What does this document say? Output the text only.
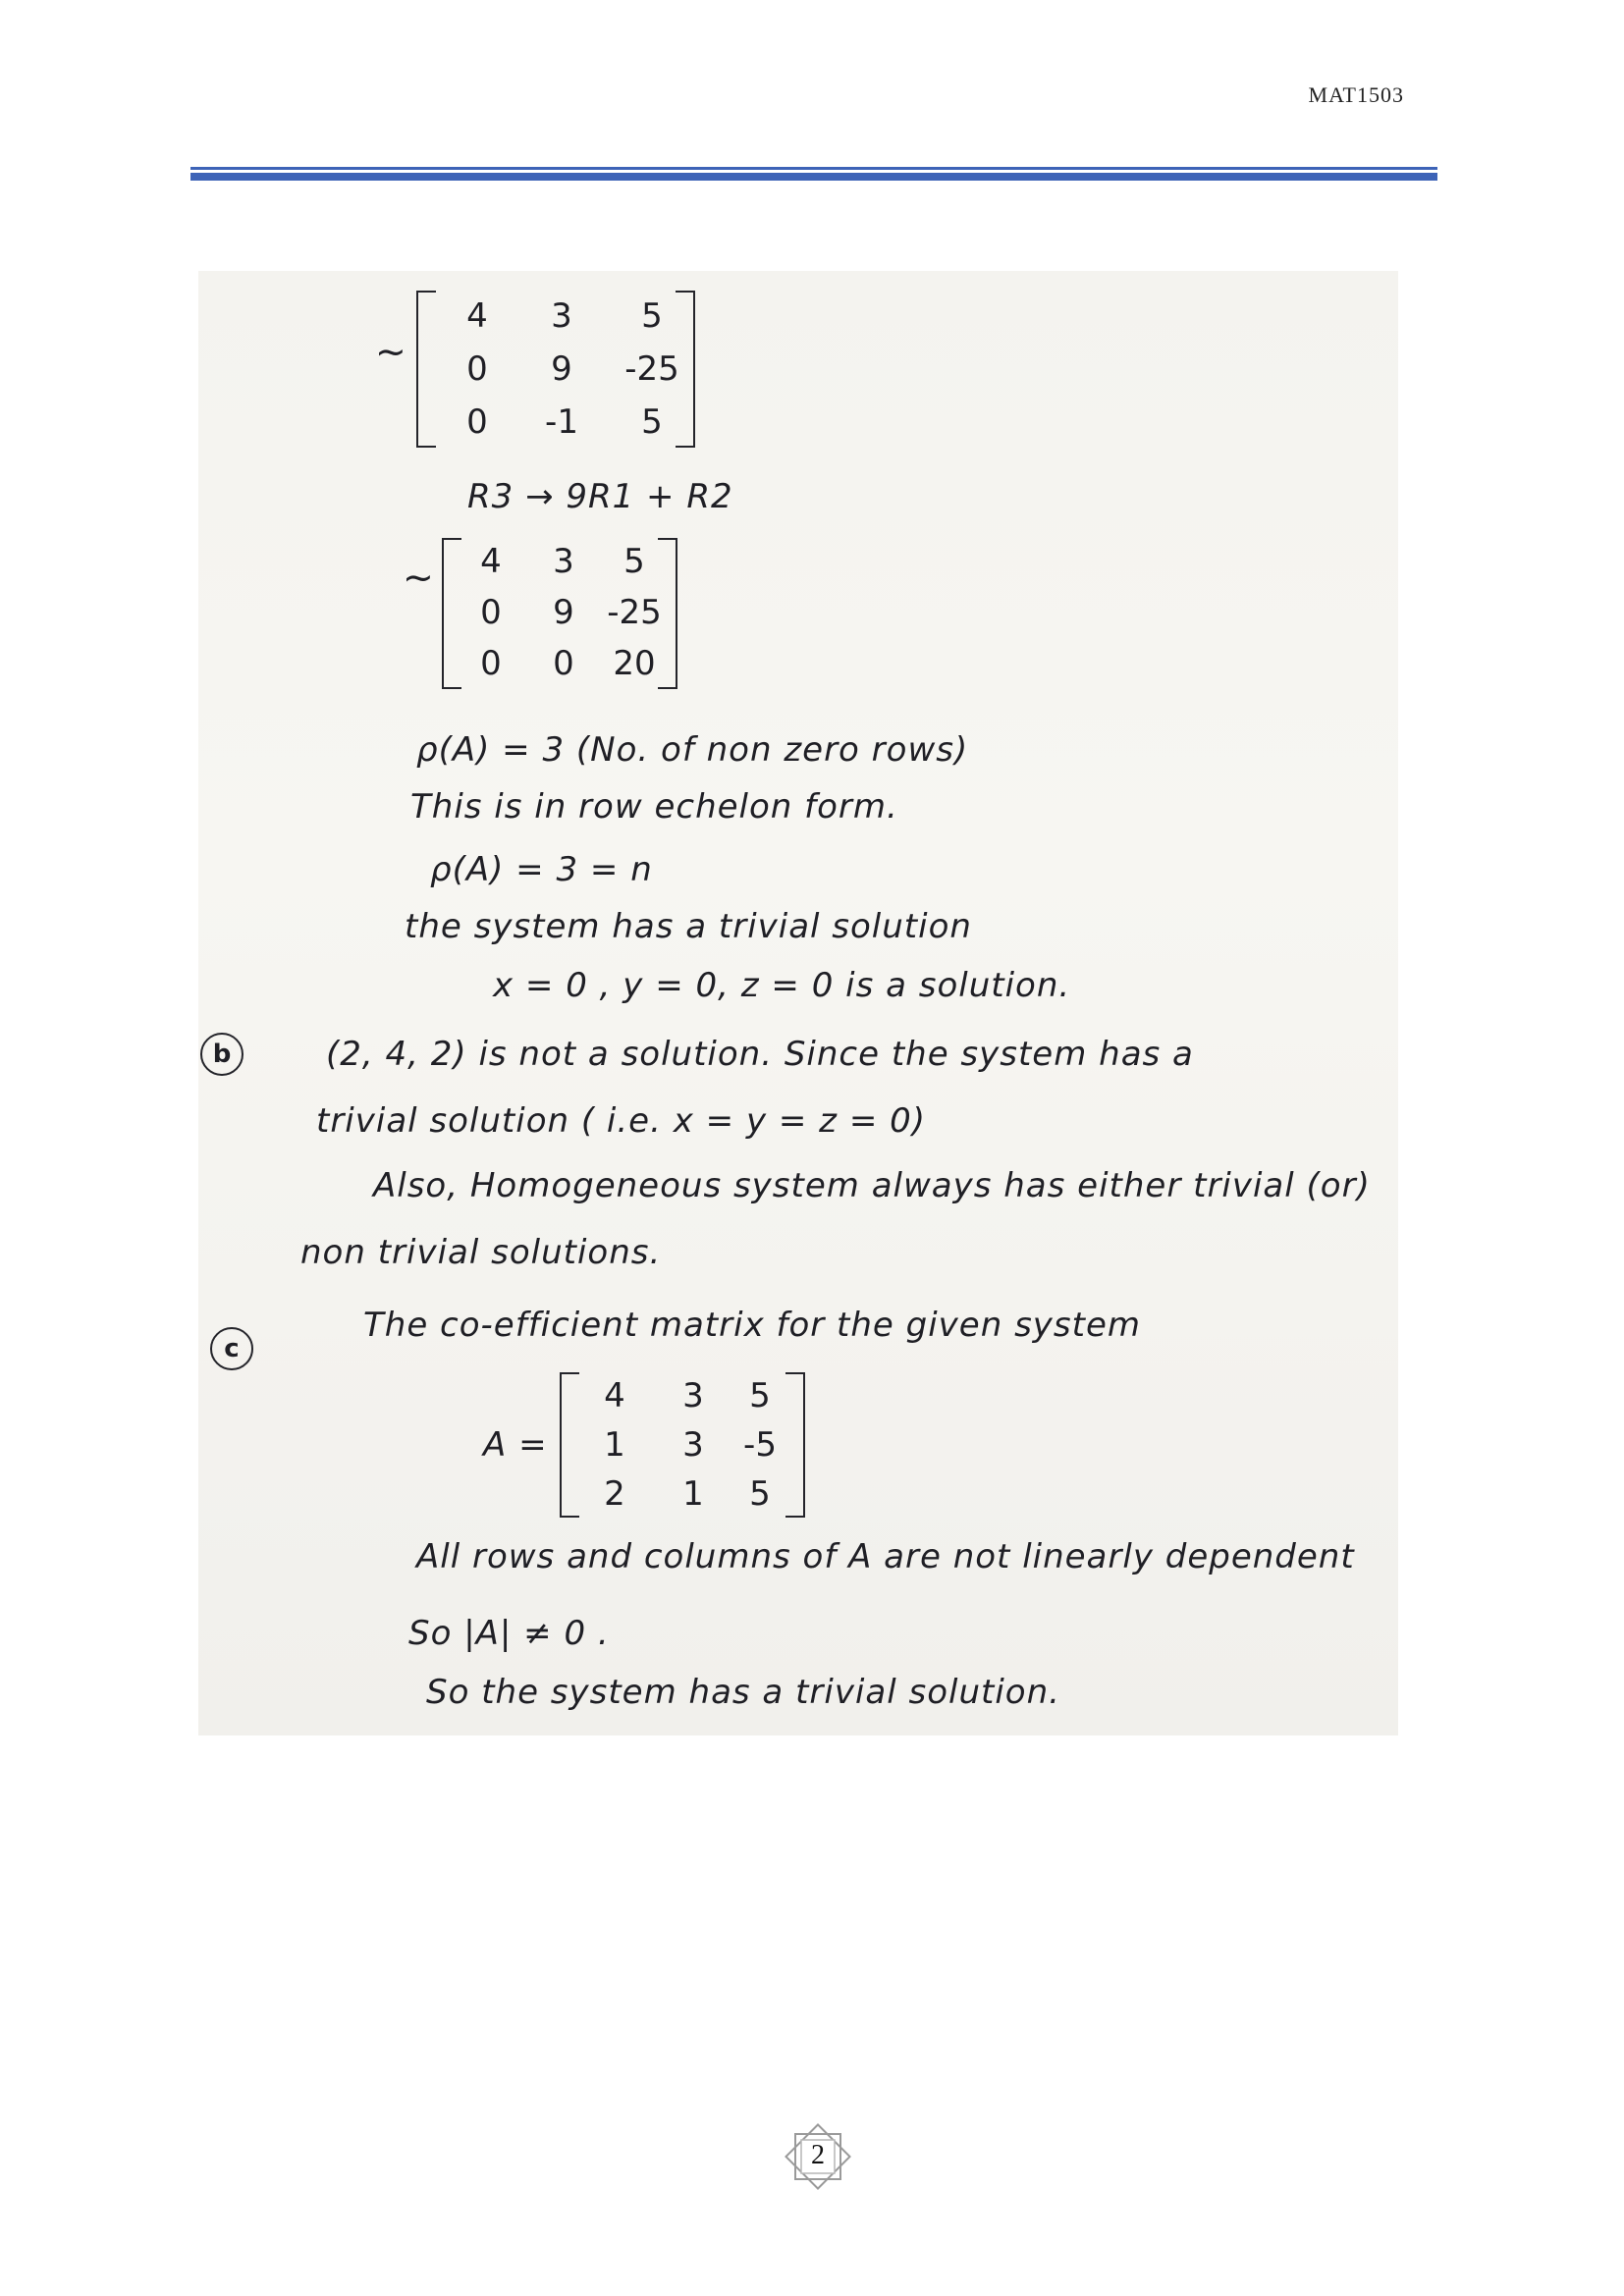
MAT1503
~
4 3 5
0 9 -25
0 -1 5
R3 → 9R1 + R2
~ 4 3 5
0 9 -25
0 0 20
ρ(A) = 3 (No. of non zero rows)
This is in row echelon form.
ρ(A) = 3 = n
the system has a trivial solution
x = 0 , y = 0, z = 0 is a solution.
b	(2, 4, 2) is not a solution. Since the system has a
trivial solution ( i.e. x = y = z = 0)
Also, Homogeneous system always has either trivial (or)
non trivial solutions.
c
The co-efficient matrix for the given system
A =
4 3 5
1 3 -5
2 1 5
All rows and columns of A are not linearly dependent
So |A| ≠ 0 .
So the system has a trivial solution.
2
